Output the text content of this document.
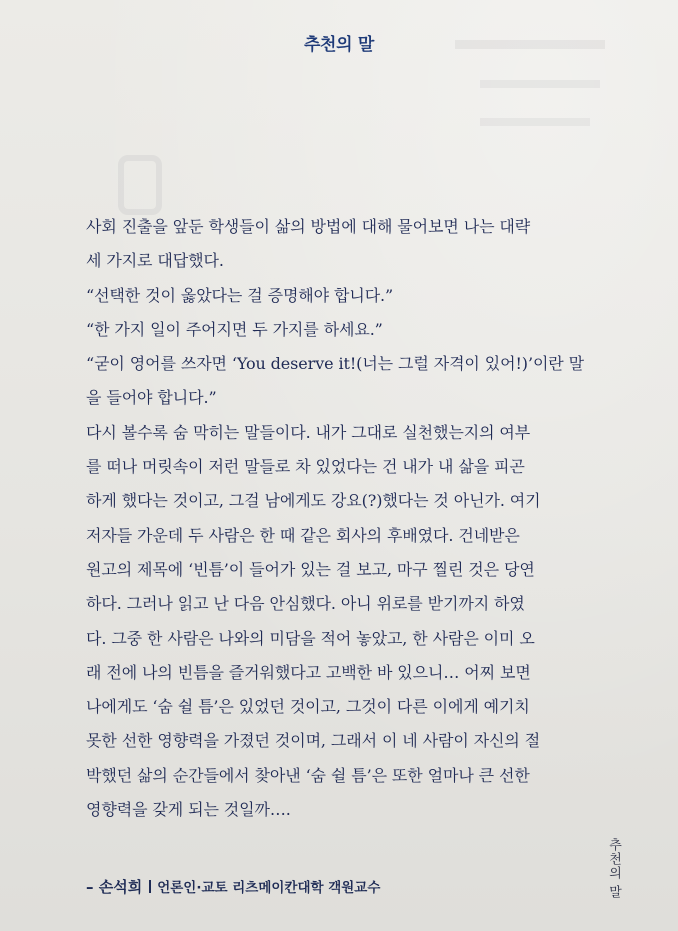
추천의 말
사회 진출을 앞둔 학생들이 삶의 방법에 대해 물어보면 나는 대략
세 가지로 대답했다.
“선택한 것이 옳았다는 걸 증명해야 합니다.”
“한 가지 일이 주어지면 두 가지를 하세요.”
“굳이 영어를 쓰자면 ‘You deserve it!(너는 그럴 자격이 있어!)’이란 말
을 들어야 합니다.”
다시 볼수록 숨 막히는 말들이다. 내가 그대로 실천했는지의 여부
를 떠나 머릿속이 저런 말들로 차 있었다는 건 내가 내 삶을 피곤
하게 했다는 것이고, 그걸 남에게도 강요(?)했다는 것 아닌가. 여기
저자들 가운데 두 사람은 한 때 같은 회사의 후배였다. 건네받은
원고의 제목에 ‘빈틈’이 들어가 있는 걸 보고, 마구 찔린 것은 당연
하다. 그러나 읽고 난 다음 안심했다. 아니 위로를 받기까지 하였
다. 그중 한 사람은 나와의 미담을 적어 놓았고, 한 사람은 이미 오
래 전에 나의 빈틈을 즐거워했다고 고백한 바 있으니… 어찌 보면
나에게도 ‘숨 쉴 틈’은 있었던 것이고, 그것이 다른 이에게 예기치
못한 선한 영향력을 가졌던 것이며, 그래서 이 네 사람이 자신의 절
박했던 삶의 순간들에서 찾아낸 ‘숨 쉴 틈’은 또한 얼마나 큰 선한
영향력을 갖게 되는 것일까….
– 손석희 언론인·교토 리츠메이칸대학 객원교수	추천의 말
